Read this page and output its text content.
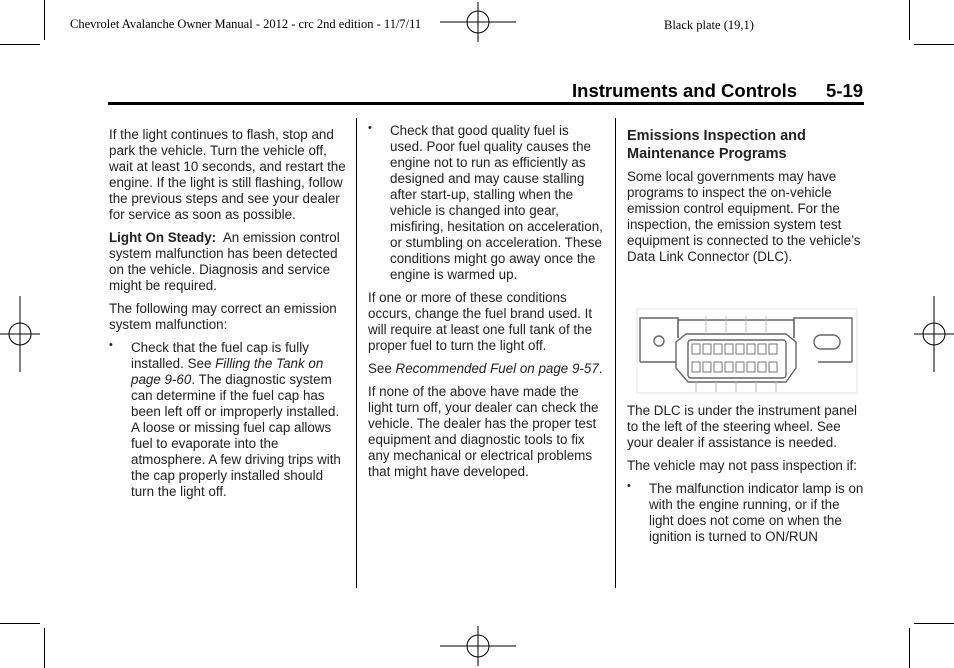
Chevrolet Avalanche Owner Manual - 2012 - crc 2nd edition - 11/7/11	Black plate (19,1)
Instruments and Controls 5-19

If the light continues to flash, stop and park the vehicle. Turn the vehicle off, wait at least 10 seconds, and restart the engine. If the light is still flashing, follow the previous steps and see your dealer for service as soon as possible.

Light On Steady: An emission control system malfunction has been detected on the vehicle. Diagnosis and service might be required.

The following may correct an emission system malfunction:

• Check that the fuel cap is fully installed. See Filling the Tank on page 9-60. The diagnostic system can determine if the fuel cap has been left off or improperly installed. A loose or missing fuel cap allows fuel to evaporate into the atmosphere. A few driving trips with the cap properly installed should turn the light off.
• Check that good quality fuel is used. Poor fuel quality causes the engine not to run as efficiently as designed and may cause stalling after start-up, stalling when the vehicle is changed into gear, misfiring, hesitation on acceleration, or stumbling on acceleration. These conditions might go away once the engine is warmed up.

If one or more of these conditions occurs, change the fuel brand used. It will require at least one full tank of the proper fuel to turn the light off.

See Recommended Fuel on page 9-57.

If none of the above have made the light turn off, your dealer can check the vehicle. The dealer has the proper test equipment and diagnostic tools to fix any mechanical or electrical problems that might have developed.

Emissions Inspection and Maintenance Programs

Some local governments may have programs to inspect the on-vehicle emission control equipment. For the inspection, the emission system test equipment is connected to the vehicle’s Data Link Connector (DLC).

The DLC is under the instrument panel to the left of the steering wheel. See your dealer if assistance is needed.

The vehicle may not pass inspection if:

• The malfunction indicator lamp is on with the engine running, or if the light does not come on when the ignition is turned to ON/RUN
